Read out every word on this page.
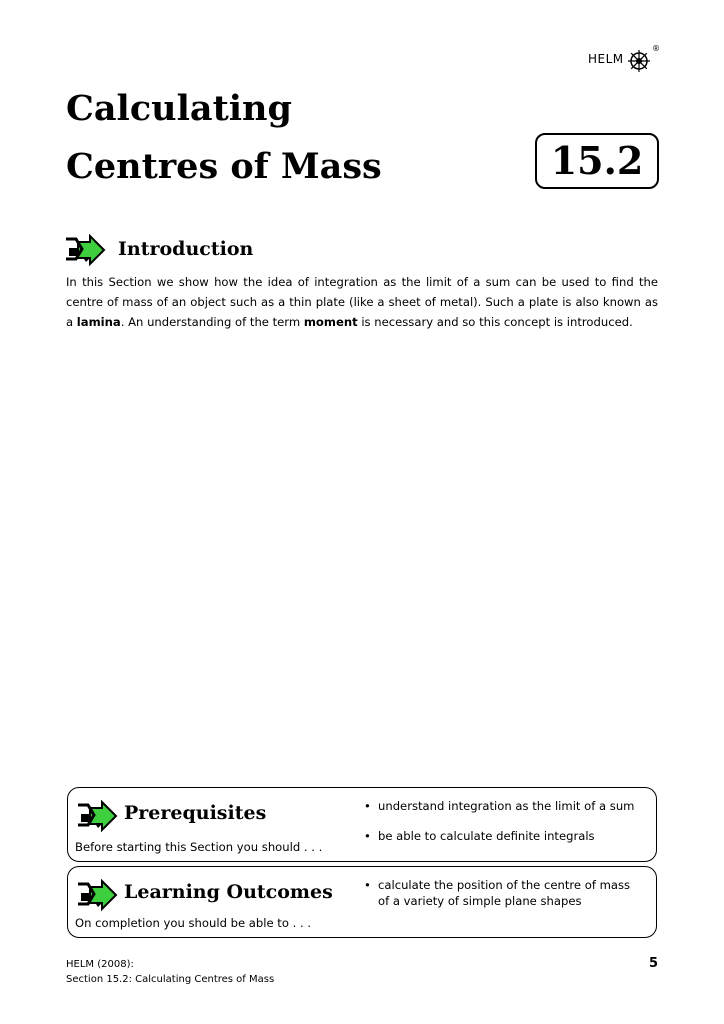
HELM
®
Calculating
Centres of Mass	15.2
Introduction
In this Section we show how the idea of integration as the limit of a sum can be used to find the centre of mass of an object such as a thin plate (like a sheet of metal). Such a plate is also known as a lamina. An understanding of the term moment is necessary and so this concept is introduced.
Prerequisites
Before starting this Section you should . . .
• understand integration as the limit of a sum
• be able to calculate definite integrals
Learning Outcomes
On completion you should be able to . . .
• calculate the position of the centre of mass of a variety of simple plane shapes
HELM (2008):
Section 15.2: Calculating Centres of Mass
5
